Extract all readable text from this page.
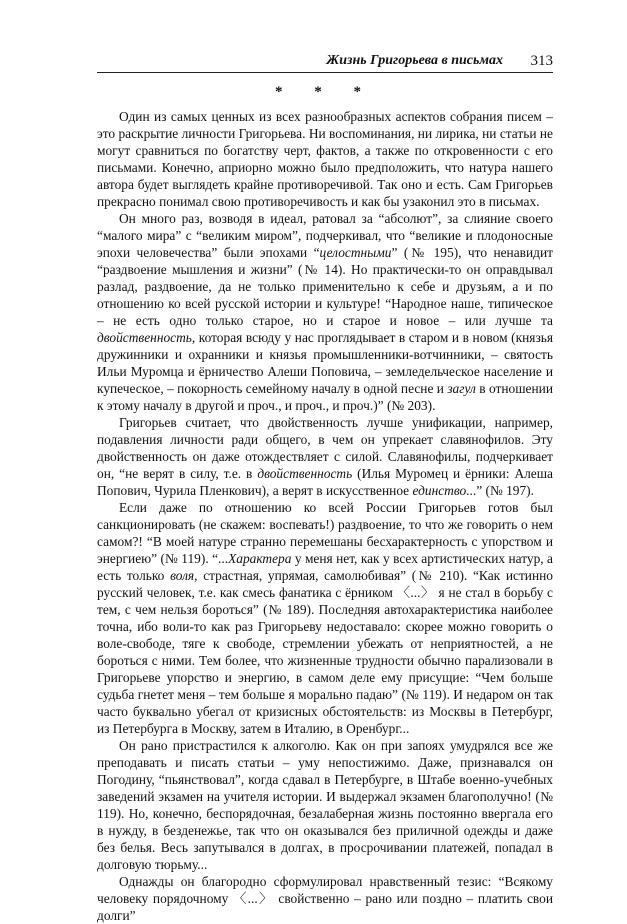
Жизнь Григорьева в письмах 313
* * *

Один из самых ценных из всех разнообразных аспектов собрания писем – это раскрытие личности Григорьева. Ни воспоминания, ни лирика, ни статьи не могут сравниться по богатству черт, фактов, а также по откровенности с его письмами. Конечно, априорно можно было предположить, что натура нашего автора будет выглядеть крайне противоречивой. Так оно и есть. Сам Григорьев прекрасно понимал свою противоречивость и как бы узаконил это в письмах.

Он много раз, возводя в идеал, ратовал за “абсолют”, за слияние своего “малого мира” с “великим миром”, подчеркивал, что “великие и плодоносные эпохи человечества” были эпохами “целостными” (№ 195), что ненавидит “раздвоение мышления и жизни” (№ 14). Но практически-то он оправдывал разлад, раздвоение, да не только применительно к себе и друзьям, а и по отношению ко всей русской истории и культуре! “Народное наше, типическое – не есть одно только старое, но и старое и новое – или лучше та двойственность, которая всюду у нас проглядывает в старом и в новом (князья дружинники и охранники и князья промышленники-вотчинники, – святость Ильи Муромца и ёрничество Алеши Поповича, – земледельческое население и купеческое, – покорность семейному началу в одной песне и загул в отношении к этому началу в другой и проч., и проч., и проч.)” (№ 203).

Григорьев считает, что двойственность лучше унификации, например, подавления личности ради общего, в чем он упрекает славянофилов. Эту двойственность он даже отождествляет с силой. Славянофилы, подчеркивает он, “не верят в силу, т.е. в двойственность (Илья Муромец и ёрники: Алеша Попович, Чурила Пленкович), а верят в искусственное единство...” (№ 197).

Если даже по отношению ко всей России Григорьев готов был санкционировать (не скажем: воспевать!) раздвоение, то что же говорить о нем самом?! “В моей натуре странно перемешаны бесхарактерность с упорством и энергиею” (№ 119). “...Характера у меня нет, как у всех артистических натур, а есть только воля, страстная, упрямая, самолюбивая” (№ 210). “Как истинно русский человек, т.е. как смесь фанатика с ёрником 〈...〉 я не стал в борьбу с тем, с чем нельзя бороться” (№ 189). Последняя автохарактеристика наиболее точна, ибо воли-то как раз Григорьеву недоставало: скорее можно говорить о воле-свободе, тяге к свободе, стремлении убежать от неприятностей, а не бороться с ними. Тем более, что жизненные трудности обычно парализовали в Григорьеве упорство и энергию, в самом деле ему присущие: “Чем больше судьба гнетет меня – тем больше я морально падаю” (№ 119). И недаром он так часто буквально убегал от кризисных обстоятельств: из Москвы в Петербург, из Петербурга в Москву, затем в Италию, в Оренбург...

Он рано пристрастился к алкоголю. Как он при запоях умудрялся все же преподавать и писать статьи – уму непостижимо. Даже, признавался он Погодину, “пьянствовал”, когда сдавал в Петербурге, в Штабе военно-учебных заведений экзамен на учителя истории. И выдержал экзамен благополучно! (№ 119). Но, конечно, беспорядочная, безалаберная жизнь постоянно ввергала его в нужду, в безденежье, так что он оказывался без приличной одежды и даже без белья. Весь запутывался в долгах, в просрочивании платежей, попадал в долговую тюрьму...

Однажды он благородно сформулировал нравственный тезис: “Всякому человеку порядочному 〈...〉 свойственно – рано или поздно – платить свои долги”
